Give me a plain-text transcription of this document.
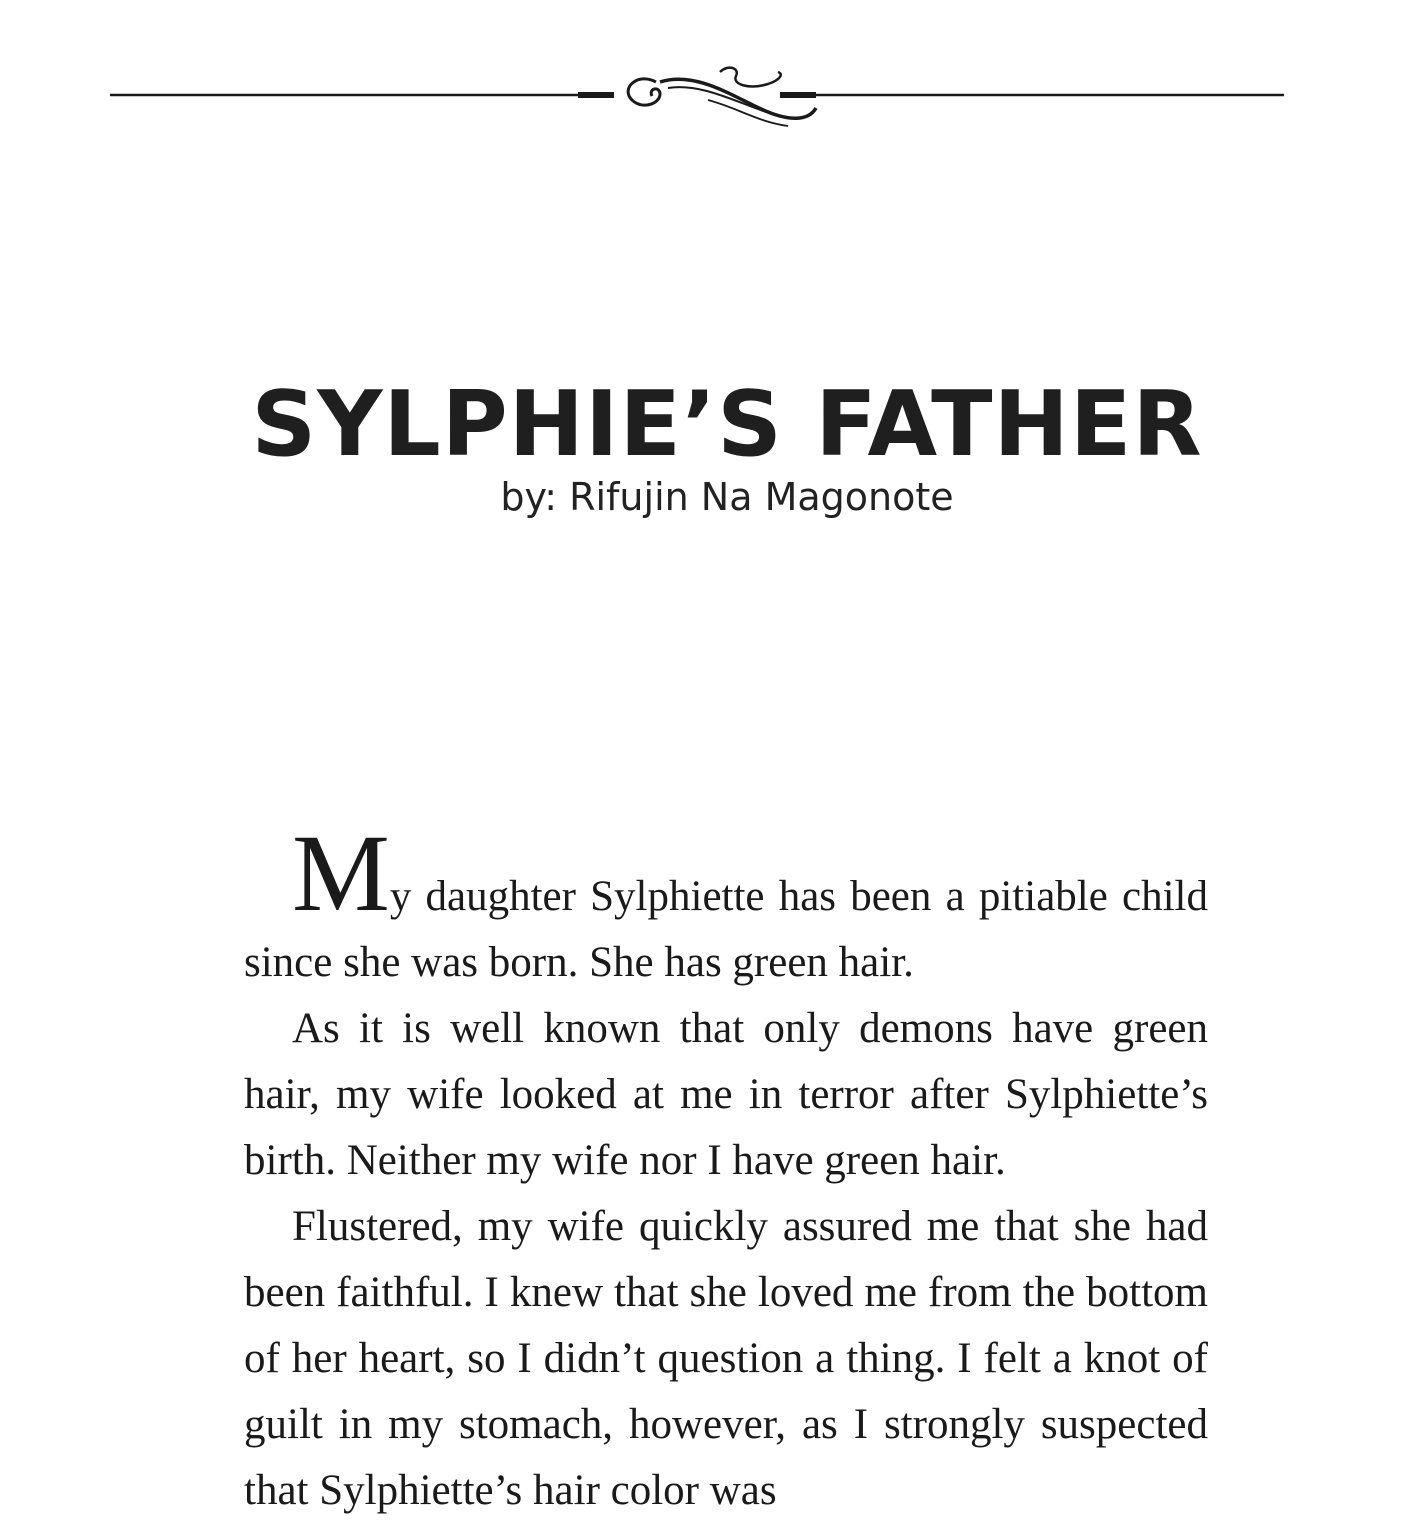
SYLPHIE’S FATHER
by: Rifujin Na Magonote

My daughter Sylphiette has been a pitiable child since she was born. She has green hair.

As it is well known that only demons have green hair, my wife looked at me in terror after Sylphiette’s birth. Neither my wife nor I have green hair.

Flustered, my wife quickly assured me that she had been faithful. I knew that she loved me from the bottom of her heart, so I didn’t question a thing. I felt a knot of guilt in my stomach, however, as I strongly suspected that Sylphiette’s hair color was
